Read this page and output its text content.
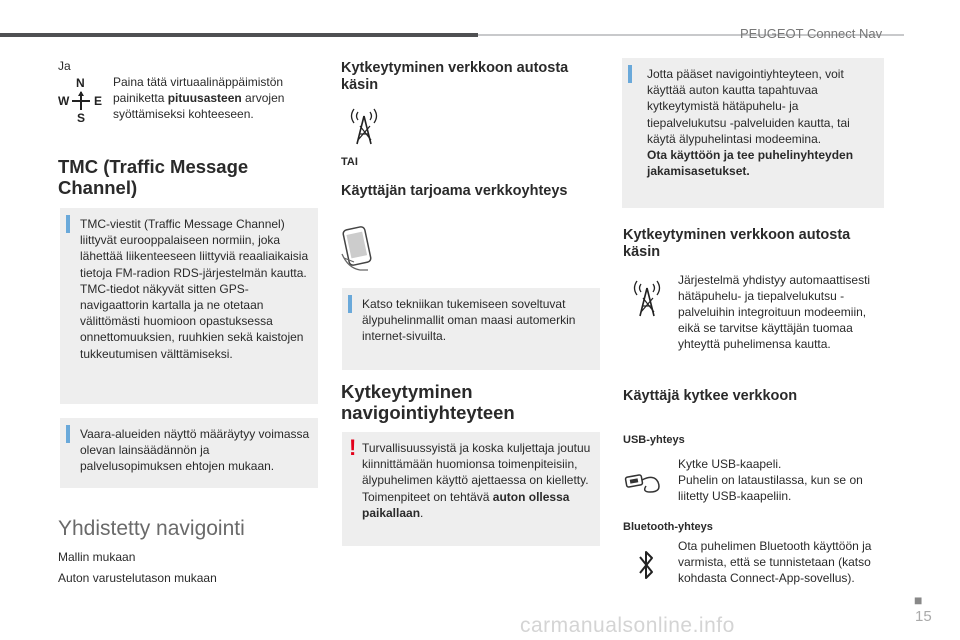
PEUGEOT Connect Nav

Ja

N
W E
S

Paina tätä virtuaalinäppäimistön painiketta pituusasteen arvojen syöttämiseksi kohteeseen.

TMC (Traffic Message Channel)

TMC-viestit (Traffic Message Channel) liittyvät eurooppalaiseen normiin, joka lähettää liikenteeseen liittyviä reaaliaikaisia tietoja FM-radion RDS-järjestelmän kautta.
TMC-tiedot näkyvät sitten GPS-navigaattorin kartalla ja ne otetaan välittömästi huomioon opastuksessa onnettomuuksien, ruuhkien sekä kaistojen tukkeutumisen välttämiseksi.

Vaara-alueiden näyttö määräytyy voimassa olevan lainsäädännön ja palvelusopimuksen ehtojen mukaan.

Yhdistetty navigointi

Mallin mukaan

Auton varustelutason mukaan

Kytkeytyminen verkkoon autosta käsin

TAI

Käyttäjän tarjoama verkkoyhteys

Katso tekniikan tukemiseen soveltuvat älypuhelinmallit oman maasi automerkin internet-sivuilta.

Kytkeytyminen navigointiyhteyteen

! Turvallisuussyistä ja koska kuljettaja joutuu kiinnittämään huomionsa toimenpiteisiin, älypuhelimen käyttö ajettaessa on kielletty.
Toimenpiteet on tehtävä auton ollessa paikallaan.

Jotta pääset navigointiyhteyteen, voit käyttää auton kautta tapahtuvaa kytkeytymistä hätäpuhelu- ja tiepalvelukutsu -palveluiden kautta, tai käytä älypuhelintasi modeemina.
Ota käyttöön ja tee puhelinyhteyden jakamisasetukset.

Kytkeytyminen verkkoon autosta käsin

Järjestelmä yhdistyy automaattisesti hätäpuhelu- ja tiepalvelukutsu -palveluihin integroituun modeemiin, eikä se tarvitse käyttäjän tuomaa yhteyttä puhelimensa kautta.

Käyttäjä kytkee verkkoon

USB-yhteys

Kytke USB-kaapeli.
Puhelin on lataustilassa, kun se on liitetty USB-kaapeliin.

Bluetooth-yhteys

Ota puhelimen Bluetooth käyttöön ja varmista, että se tunnistetaan (katso kohdasta Connect-App-sovellus).

■
15
carmanualsonline.info
